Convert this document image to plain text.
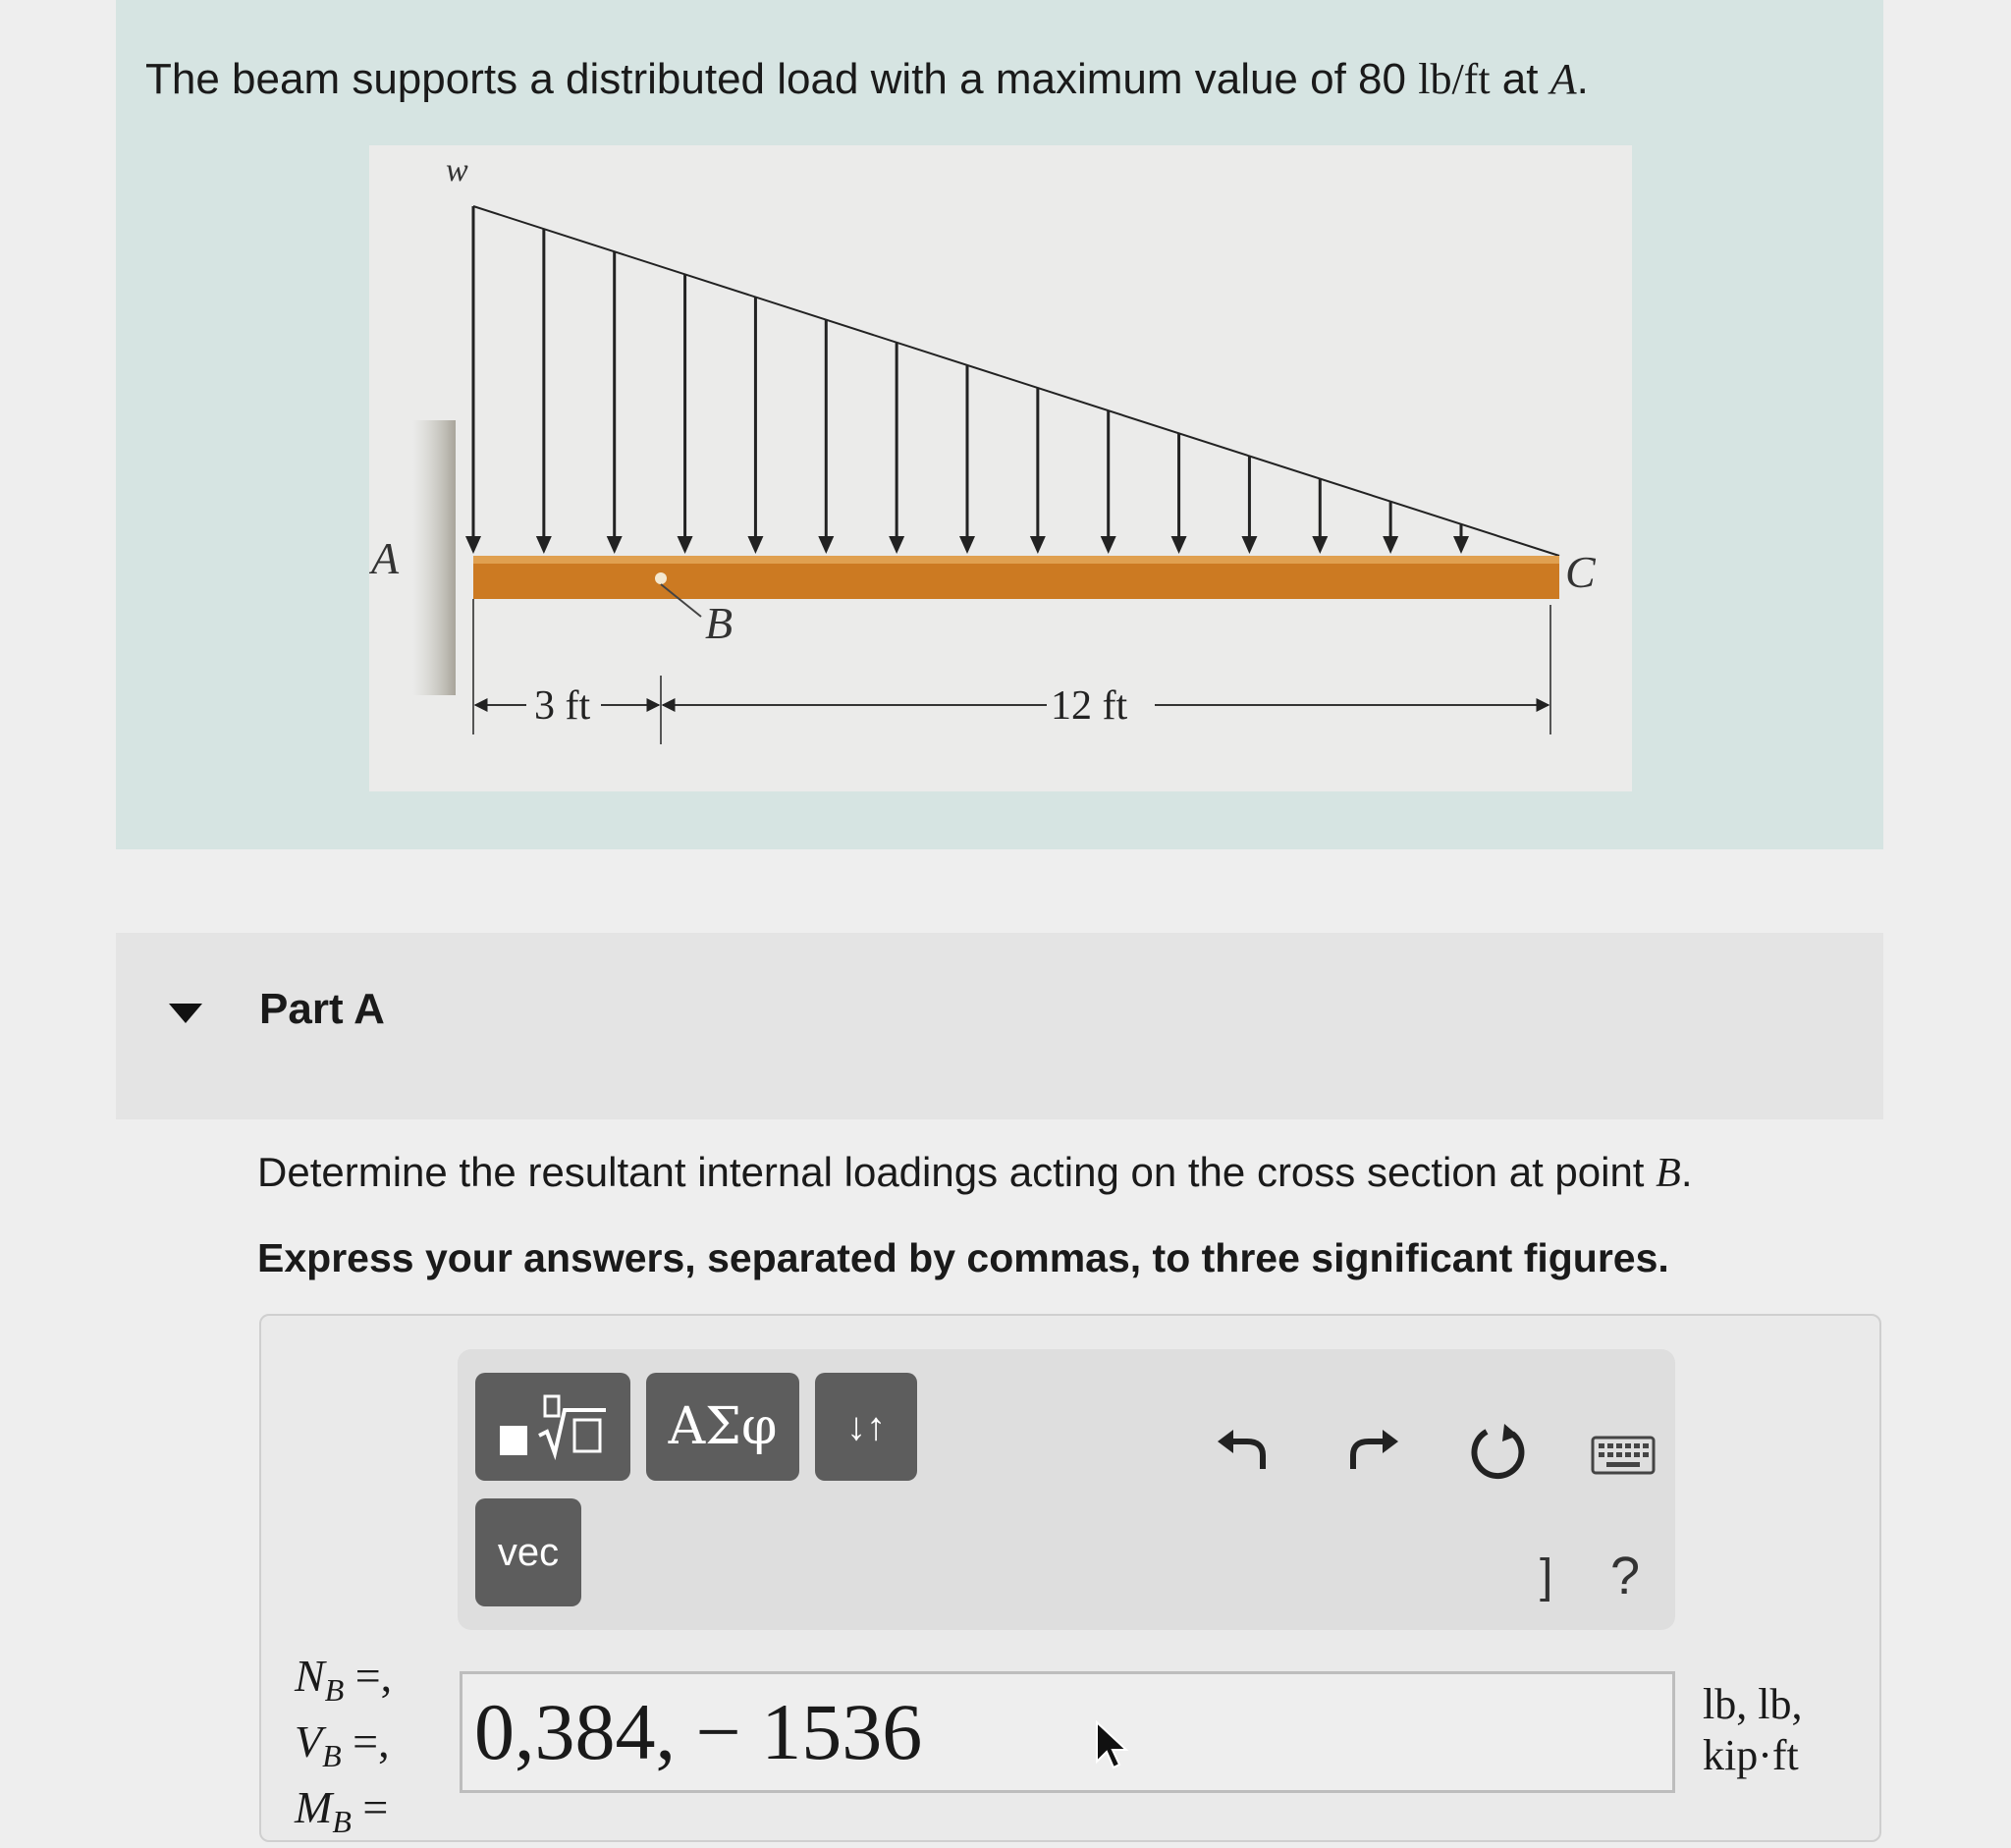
The beam supports a distributed load with a maximum value of 80 lb/ft at A.
w
A
B
C
3 ft	12 ft
Part A
Determine the resultant internal loadings acting on the cross section at point B.
Express your answers, separated by commas, to three significant figures.
ΑΣφ	↓↑
vec	] ?
$N_B$ =,
$V_B$ =,
$M_B$ =
0,384, − 1536	lb, lb,
kip·ft
